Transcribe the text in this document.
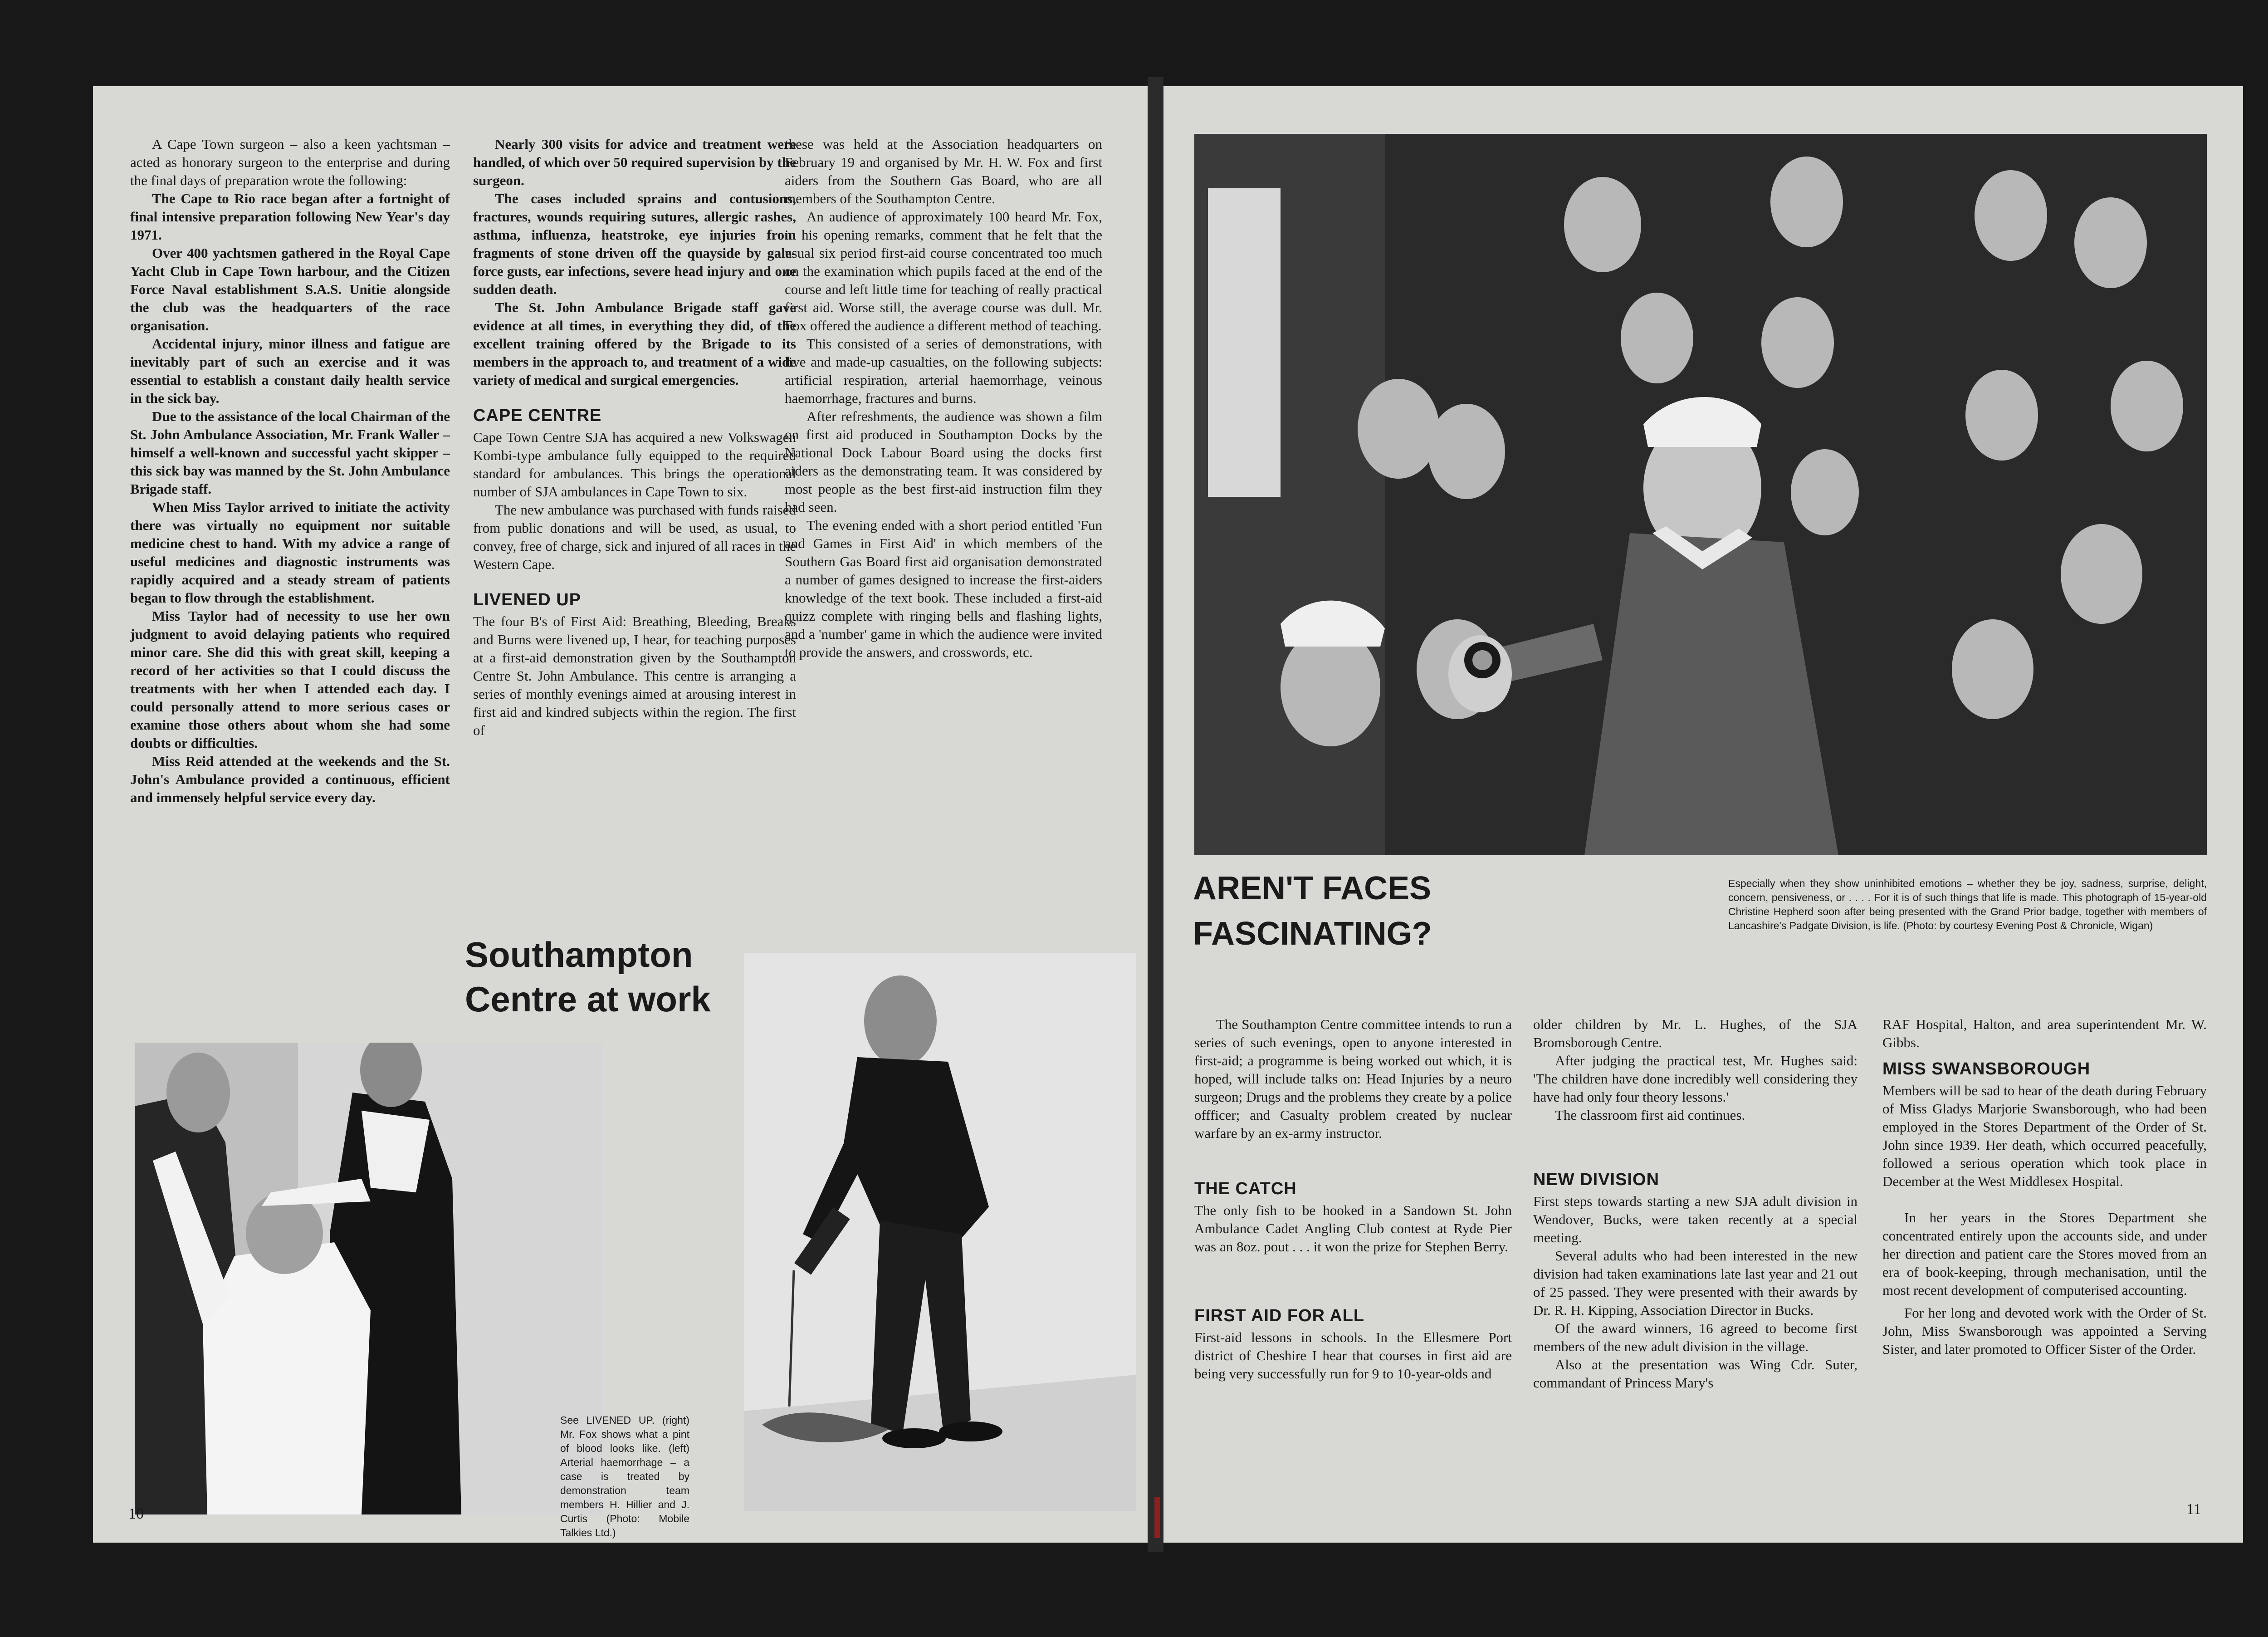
A Cape Town surgeon – also a keen yachtsman – acted as honorary surgeon to the enterprise and during the final days of preparation wrote the following:

The Cape to Rio race began after a fortnight of final intensive preparation following New Year's day 1971.

Over 400 yachtsmen gathered in the Royal Cape Yacht Club in Cape Town harbour, and the Citizen Force Naval establishment S.A.S. Unitie alongside the club was the headquarters of the race organisation.

Accidental injury, minor illness and fatigue are inevitably part of such an exercise and it was essential to establish a constant daily health service in the sick bay.

Due to the assistance of the local Chairman of the St. John Ambulance Association, Mr. Frank Waller – himself a well-known and successful yacht skipper – this sick bay was manned by the St. John Ambulance Brigade staff.

When Miss Taylor arrived to initiate the activity there was virtually no equipment nor suitable medicine chest to hand. With my advice a range of useful medicines and diagnostic instruments was rapidly acquired and a steady stream of patients began to flow through the establishment.

Miss Taylor had of necessity to use her own judgment to avoid delaying patients who required minor care. She did this with great skill, keeping a record of her activities so that I could discuss the treatments with her when I attended each day. I could personally attend to more serious cases or examine those others about whom she had some doubts or difficulties.

Miss Reid attended at the weekends and the St. John's Ambulance provided a continuous, efficient and immensely helpful service every day.

Nearly 300 visits for advice and treatment were handled, of which over 50 required supervision by the surgeon.

The cases included sprains and contusions, fractures, wounds requiring sutures, allergic rashes, asthma, influenza, heatstroke, eye injuries from fragments of stone driven off the quayside by gale-force gusts, ear infections, severe head injury and one sudden death.

The St. John Ambulance Brigade staff gave evidence at all times, in everything they did, of the excellent training offered by the Brigade to its members in the approach to, and treatment of a wide variety of medical and surgical emergencies.

CAPE CENTRE

Cape Town Centre SJA has acquired a new Volkswagen Kombi-type ambulance fully equipped to the required standard for ambulances. This brings the operational number of SJA ambulances in Cape Town to six.

The new ambulance was purchased with funds raised from public donations and will be used, as usual, to convey, free of charge, sick and injured of all races in the Western Cape.

LIVENED UP

The four B's of First Aid: Breathing, Bleeding, Breaks and Burns were livened up, I hear, for teaching purposes at a first-aid demonstration given by the Southampton Centre St. John Ambulance. This centre is arranging a series of monthly evenings aimed at arousing interest in first aid and kindred subjects within the region. The first of

these was held at the Association headquarters on February 19 and organised by Mr. H. W. Fox and first aiders from the Southern Gas Board, who are all members of the Southampton Centre.

An audience of approximately 100 heard Mr. Fox, in his opening remarks, comment that he felt that the usual six period first-aid course concentrated too much on the examination which pupils faced at the end of the course and left little time for teaching of really practical first aid. Worse still, the average course was dull. Mr. Fox offered the audience a different method of teaching.

This consisted of a series of demonstrations, with live and made-up casualties, on the following subjects: artificial respiration, arterial haemorrhage, veinous haemorrhage, fractures and burns.

After refreshments, the audience was shown a film on first aid produced in Southampton Docks by the National Dock Labour Board using the docks first aiders as the demonstrating team. It was considered by most people as the best first-aid instruction film they had seen.

The evening ended with a short period entitled 'Fun and Games in First Aid' in which members of the Southern Gas Board first aid organisation demonstrated a number of games designed to increase the first-aiders knowledge of the text book. These included a first-aid quizz complete with ringing bells and flashing lights, and a 'number' game in which the audience were invited to provide the answers, and crosswords, etc.

Southampton
Centre at work
See LIVENED UP. (right) Mr. Fox shows what a pint of blood looks like. (left) Arterial haemorrhage – a case is treated by demonstration team members H. Hillier and J. Curtis (Photo: Mobile Talkies Ltd.)
10
AREN'T FACES
FASCINATING?
Especially when they show uninhibited emotions – whether they be joy, sadness, surprise, delight, concern, pensiveness, or . . . . For it is of such things that life is made. This photograph of 15-year-old Christine Hepherd soon after being presented with the Grand Prior badge, together with members of Lancashire's Padgate Division, is life. (Photo: by courtesy Evening Post & Chronicle, Wigan)

The Southampton Centre committee intends to run a series of such evenings, open to anyone interested in first-aid; a programme is being worked out which, it is hoped, will include talks on: Head Injuries by a neuro surgeon; Drugs and the problems they create by a police offficer; and Casualty problem created by nuclear warfare by an ex-army instructor.

THE CATCH

The only fish to be hooked in a Sandown St. John Ambulance Cadet Angling Club contest at Ryde Pier was an 8oz. pout . . . it won the prize for Stephen Berry.

FIRST AID FOR ALL

First-aid lessons in schools. In the Ellesmere Port district of Cheshire I hear that courses in first aid are being very successfully run for 9 to 10-year-olds and

older children by Mr. L. Hughes, of the SJA Bromsborough Centre.

After judging the practical test, Mr. Hughes said: 'The children have done incredibly well considering they have had only four theory lessons.'

The classroom first aid continues.

NEW DIVISION

First steps towards starting a new SJA adult division in Wendover, Bucks, were taken recently at a special meeting.

Several adults who had been interested in the new division had taken examinations late last year and 21 out of 25 passed. They were presented with their awards by Dr. R. H. Kipping, Association Director in Bucks.

Of the award winners, 16 agreed to become first members of the new adult division in the village.

Also at the presentation was Wing Cdr. Suter, commandant of Princess Mary's

RAF Hospital, Halton, and area superintendent Mr. W. Gibbs.

MISS SWANSBOROUGH

Members will be sad to hear of the death during February of Miss Gladys Marjorie Swansborough, who had been employed in the Stores Department of the Order of St. John since 1939. Her death, which occurred peacefully, followed a serious operation which took place in December at the West Middlesex Hospital.

In her years in the Stores Department she concentrated entirely upon the accounts side, and under her direction and patient care the Stores moved from an era of book-keeping, through mechanisation, until the most recent development of computerised accounting.

For her long and devoted work with the Order of St. John, Miss Swansborough was appointed a Serving Sister, and later promoted to Officer Sister of the Order.

11
